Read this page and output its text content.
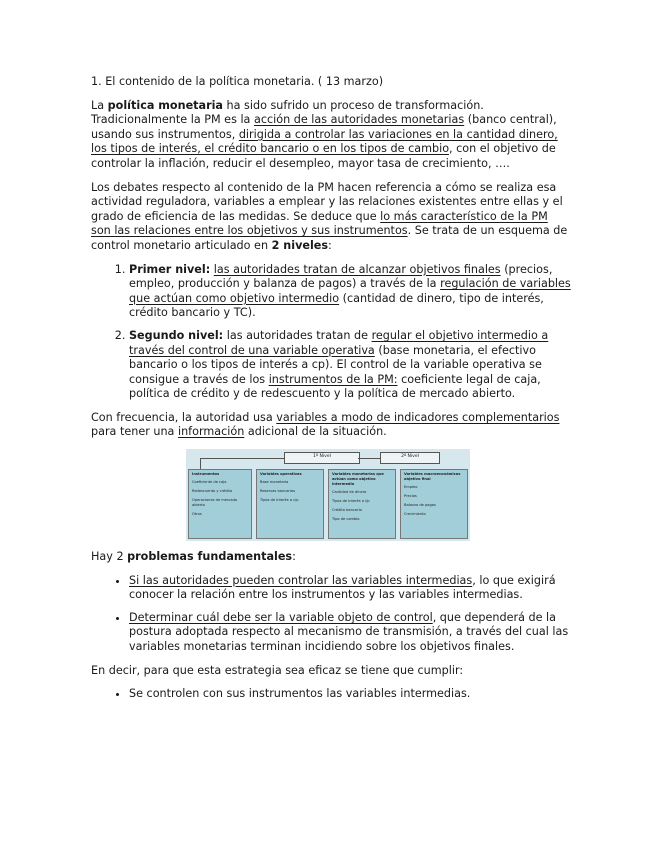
1. El contenido de la política monetaria. ( 13 marzo)

La política monetaria ha sido sufrido un proceso de transformación. Tradicionalmente la PM es la acción de las autoridades monetarias (banco central), usando sus instrumentos, dirigida a controlar las variaciones en la cantidad dinero, los tipos de interés, el crédito bancario o en los tipos de cambio, con el objetivo de controlar la inflación, reducir el desempleo, mayor tasa de crecimiento, ….

Los debates respecto al contenido de la PM hacen referencia a cómo se realiza esa actividad reguladora, variables a emplear y las relaciones existentes entre ellas y el grado de eficiencia de las medidas. Se deduce que lo más característico de la PM son las relaciones entre los objetivos y sus instrumentos. Se trata de un esquema de control monetario articulado en 2 niveles:

1. Primer nivel: las autoridades tratan de alcanzar objetivos finales (precios, empleo, producción y balanza de pagos) a través de la regulación de variables que actúan como objetivo intermedio (cantidad de dinero, tipo de interés, crédito bancario y TC).
2. Segundo nivel: las autoridades tratan de regular el objetivo intermedio a través del control de una variable operativa (base monetaria, el efectivo bancario o los tipos de interés a cp). El control de la variable operativa se consigue a través de los instrumentos de la PM: coeficiente legal de caja, política de crédito y de redescuento y la política de mercado abierto.

Con frecuencia, la autoridad usa variables a modo de indicadores complementarios para tener una información adicional de la situación.

1º Nivel	2º Nivel
Instrumentos
Coeficiente de caja
Redescuento y crédito
Operaciones de mercado abierto
Otros
Variables operativas
Base monetaria
Reservas bancarias
Tipos de interés a c/p
Variables monetarias que actúan como objetivo intermedio
Cantidad de dinero
Tipos de interés a l/p
Crédito bancario
Tipo de cambio
Variables macroeconómicas objetivo final
Empleo
Precios
Balanza de pagos
Crecimiento

Hay 2 problemas fundamentales:

• Si las autoridades pueden controlar las variables intermedias, lo que exigirá conocer la relación entre los instrumentos y las variables intermedias.
• Determinar cuál debe ser la variable objeto de control, que dependerá de la postura adoptada respecto al mecanismo de transmisión, a través del cual las variables monetarias terminan incidiendo sobre los objetivos finales.

En decir, para que esta estrategia sea eficaz se tiene que cumplir:

• Se controlen con sus instrumentos las variables intermedias.
